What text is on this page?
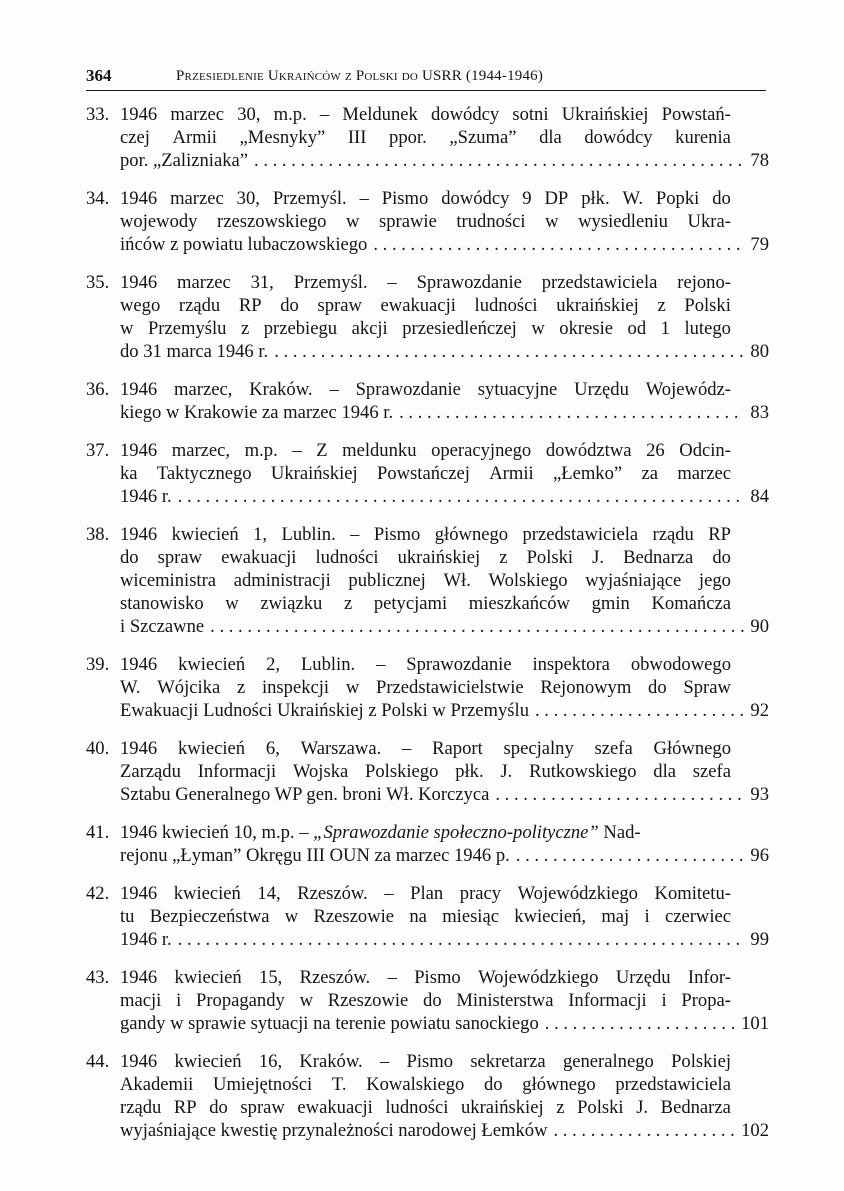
364	Przesiedlenie Ukraińców z Polski do USRR (1944-1946)
33. 1946 marzec 30, m.p. – Meldunek dowódcy sotni Ukraińskiej Powstań-
czej Armii „Mesnyky” III ppor. „Szuma” dla dowódcy kurenia
por. „Zalizniaka” . . .	78
34. 1946 marzec 30, Przemyśl. – Pismo dowódcy 9 DP płk. W. Popki do
wojewody rzeszowskiego w sprawie trudności w wysiedleniu Ukra-
ińców z powiatu lubaczowskiego . . .	79
35. 1946 marzec 31, Przemyśl. – Sprawozdanie przedstawiciela rejono-
wego rządu RP do spraw ewakuacji ludności ukraińskiej z Polski
w Przemyślu z przebiegu akcji przesiedleńczej w okresie od 1 lutego
do 31 marca 1946 r. . . .	80
36. 1946 marzec, Kraków. – Sprawozdanie sytuacyjne Urzędu Wojewódz-
kiego w Krakowie za marzec 1946 r. . . .	83
37. 1946 marzec, m.p. – Z meldunku operacyjnego dowództwa 26 Odcin-
ka Taktycznego Ukraińskiej Powstańczej Armii „Łemko” za marzec
1946 r. . . .	84
38. 1946 kwiecień 1, Lublin. – Pismo głównego przedstawiciela rządu RP
do spraw ewakuacji ludności ukraińskiej z Polski J. Bednarza do
wiceministra administracji publicznej Wł. Wolskiego wyjaśniające jego
stanowisko w związku z petycjami mieszkańców gmin Komańcza
i Szczawne . . .	90
39. 1946 kwiecień 2, Lublin. – Sprawozdanie inspektora obwodowego
W. Wójcika z inspekcji w Przedstawicielstwie Rejonowym do Spraw
Ewakuacji Ludności Ukraińskiej z Polski w Przemyślu . . .	92
40. 1946 kwiecień 6, Warszawa. – Raport specjalny szefa Głównego
Zarządu Informacji Wojska Polskiego płk. J. Rutkowskiego dla szefa
Sztabu Generalnego WP gen. broni Wł. Korczyca . . .	93
41. 1946 kwiecień 10, m.p. – „Sprawozdanie społeczno-polityczne” Nad-
rejonu „Łyman” Okręgu III OUN za marzec 1946 p. . . .	96
42. 1946 kwiecień 14, Rzeszów. – Plan pracy Wojewódzkiego Komitetu-
tu Bezpieczeństwa w Rzeszowie na miesiąc kwiecień, maj i czerwiec
1946 r. . . .	99
43. 1946 kwiecień 15, Rzeszów. – Pismo Wojewódzkiego Urzędu Infor-
macji i Propagandy w Rzeszowie do Ministerstwa Informacji i Propa-
gandy w sprawie sytuacji na terenie powiatu sanockiego . . .	101
44. 1946 kwiecień 16, Kraków. – Pismo sekretarza generalnego Polskiej
Akademii Umiejętności T. Kowalskiego do głównego przedstawiciela
rządu RP do spraw ewakuacji ludności ukraińskiej z Polski J. Bednarza
wyjaśniające kwestię przynależności narodowej Łemków . . .	102
